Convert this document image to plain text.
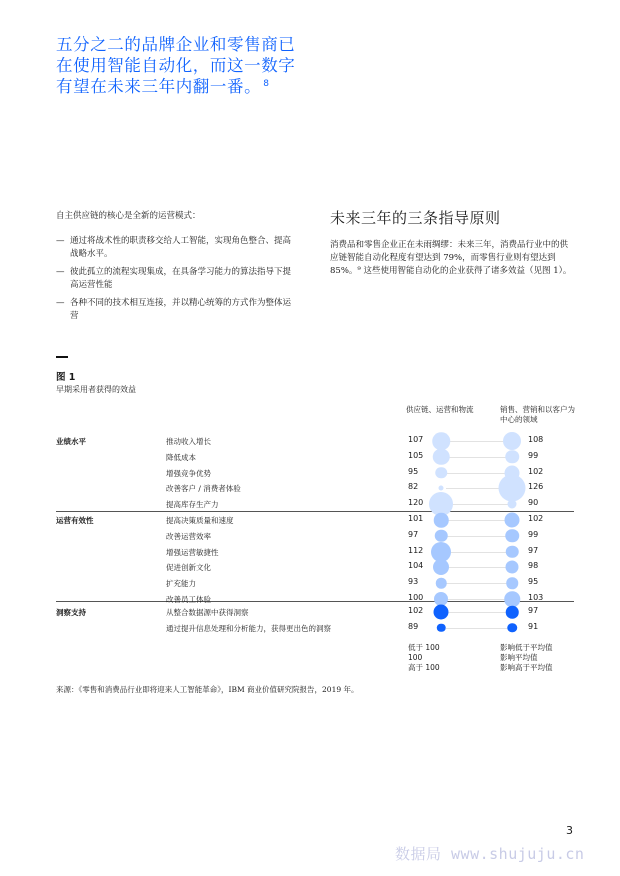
五分之二的品牌企业和零售商已
在使用智能自动化，而这一数字
有望在未来三年内翻一番。 $^8$
自主供应链的核心是全新的运营模式：
— 通过将战术性的职责移交给人工智能，实现角色整合、提高战略水平。
— 彼此孤立的流程实现集成，在具备学习能力的算法指导下提高运营性能
— 各种不同的技术相互连接，并以精心统筹的方式作为整体运营
未来三年的三条指导原则
消费品和零售企业正在未雨绸缪：未来三年，消费品行业中的供应链智能自动化程度有望达到 79%，而零售行业则有望达到 85%。⁹ 这些使用智能自动化的企业获得了诸多效益（见图 1）。
图 1
早期采用者获得的效益
供应链、运营和物流	销售、营销和以客户为中心的领域
业绩水平	推动收入增长	107	108
降低成本	105	99
增强竞争优势	95	102
改善客户 / 消费者体验	82	126
提高库存生产力	120	90
运营有效性	提高决策质量和速度	101	102
改善运营效率	97	99
增强运营敏捷性	112	97
促进创新文化	104	98
扩充能力	93	95
改善员工体验	100	103
洞察支持	从整合数据源中获得洞察	102	97
通过提升信息处理和分析能力，获得更出色的洞察	89	91
低于 100
100
高于 100
影响低于平均值
影响平均值
影响高于平均值
来源：《零售和消费品行业即将迎来人工智能革命》，IBM 商业价值研究院报告，2019 年。
3
数据局 www.shujuju.cn
